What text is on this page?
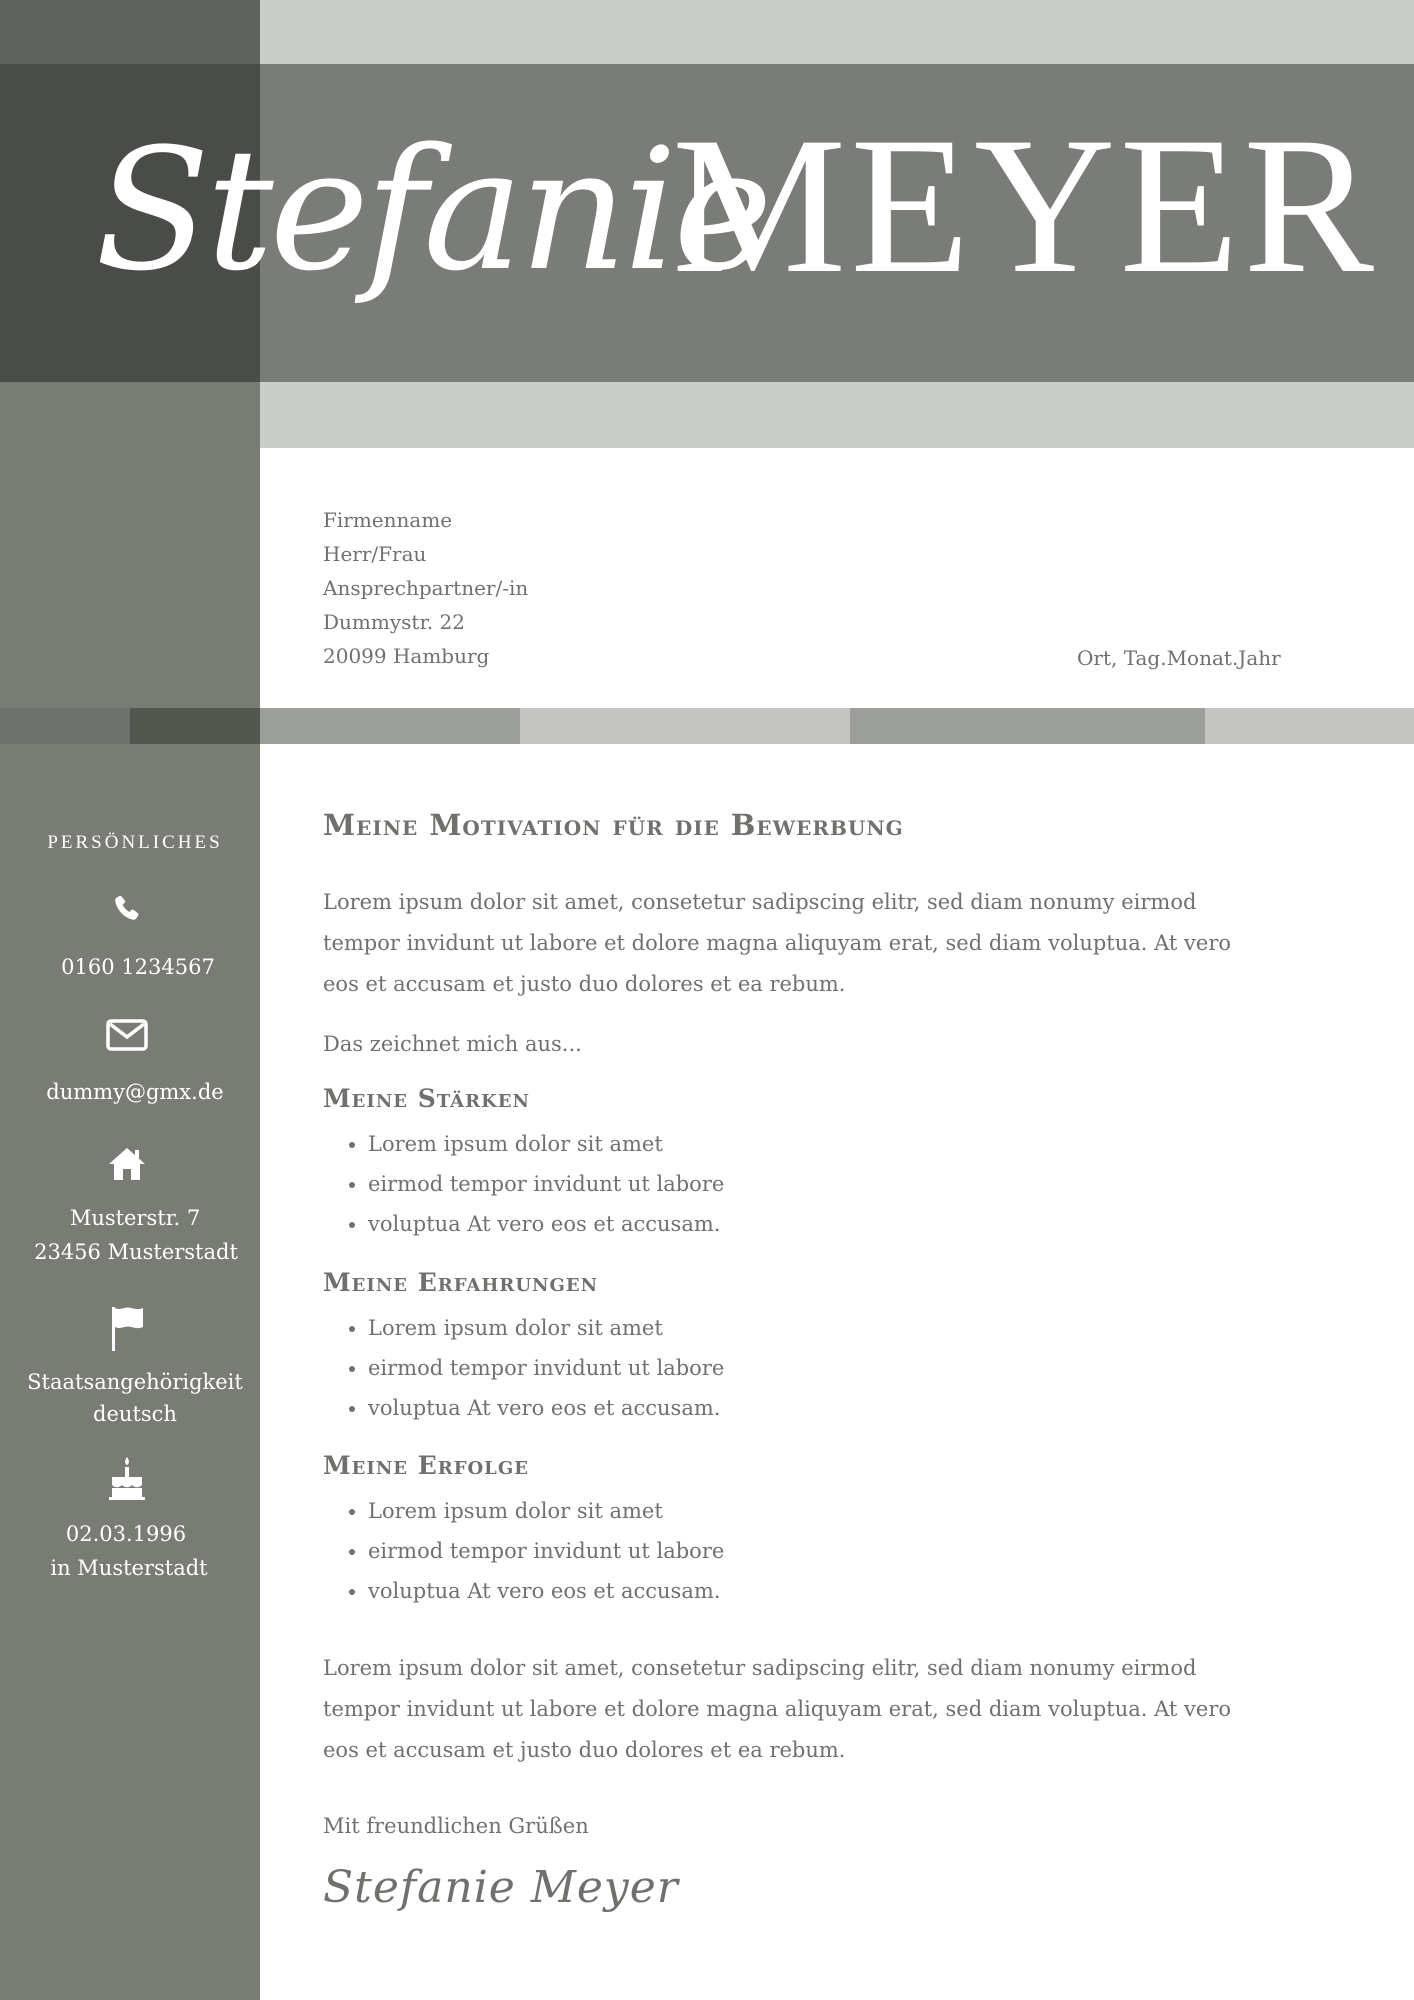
Stefanie
MEYER
Firmenname
Herr/Frau
Ansprechpartner/-in
Dummystr. 22
20099 Hamburg	Ort, Tag.Monat.Jahr
PERSÖNLICHES
0160 1234567
dummy@gmx.de
Musterstr. 7
23456 Musterstadt
Staatsangehörigkeit
deutsch
02.03.1996
in Musterstadt
Meine Motivation für die Bewerbung
Lorem ipsum dolor sit amet, consetetur sadipscing elitr, sed diam nonumy eirmod tempor invidunt ut labore et dolore magna aliquyam erat, sed diam voluptua. At vero eos et accusam et justo duo dolores et ea rebum.
Das zeichnet mich aus...
Meine Stärken
• Lorem ipsum dolor sit amet
• eirmod tempor invidunt ut labore
• voluptua At vero eos et accusam.
Meine Erfahrungen
• Lorem ipsum dolor sit amet
• eirmod tempor invidunt ut labore
• voluptua At vero eos et accusam.
Meine Erfolge
• Lorem ipsum dolor sit amet
• eirmod tempor invidunt ut labore
• voluptua At vero eos et accusam.
Lorem ipsum dolor sit amet, consetetur sadipscing elitr, sed diam nonumy eirmod tempor invidunt ut labore et dolore magna aliquyam erat, sed diam voluptua. At vero eos et accusam et justo duo dolores et ea rebum.
Mit freundlichen Grüßen
Stefanie Meyer
